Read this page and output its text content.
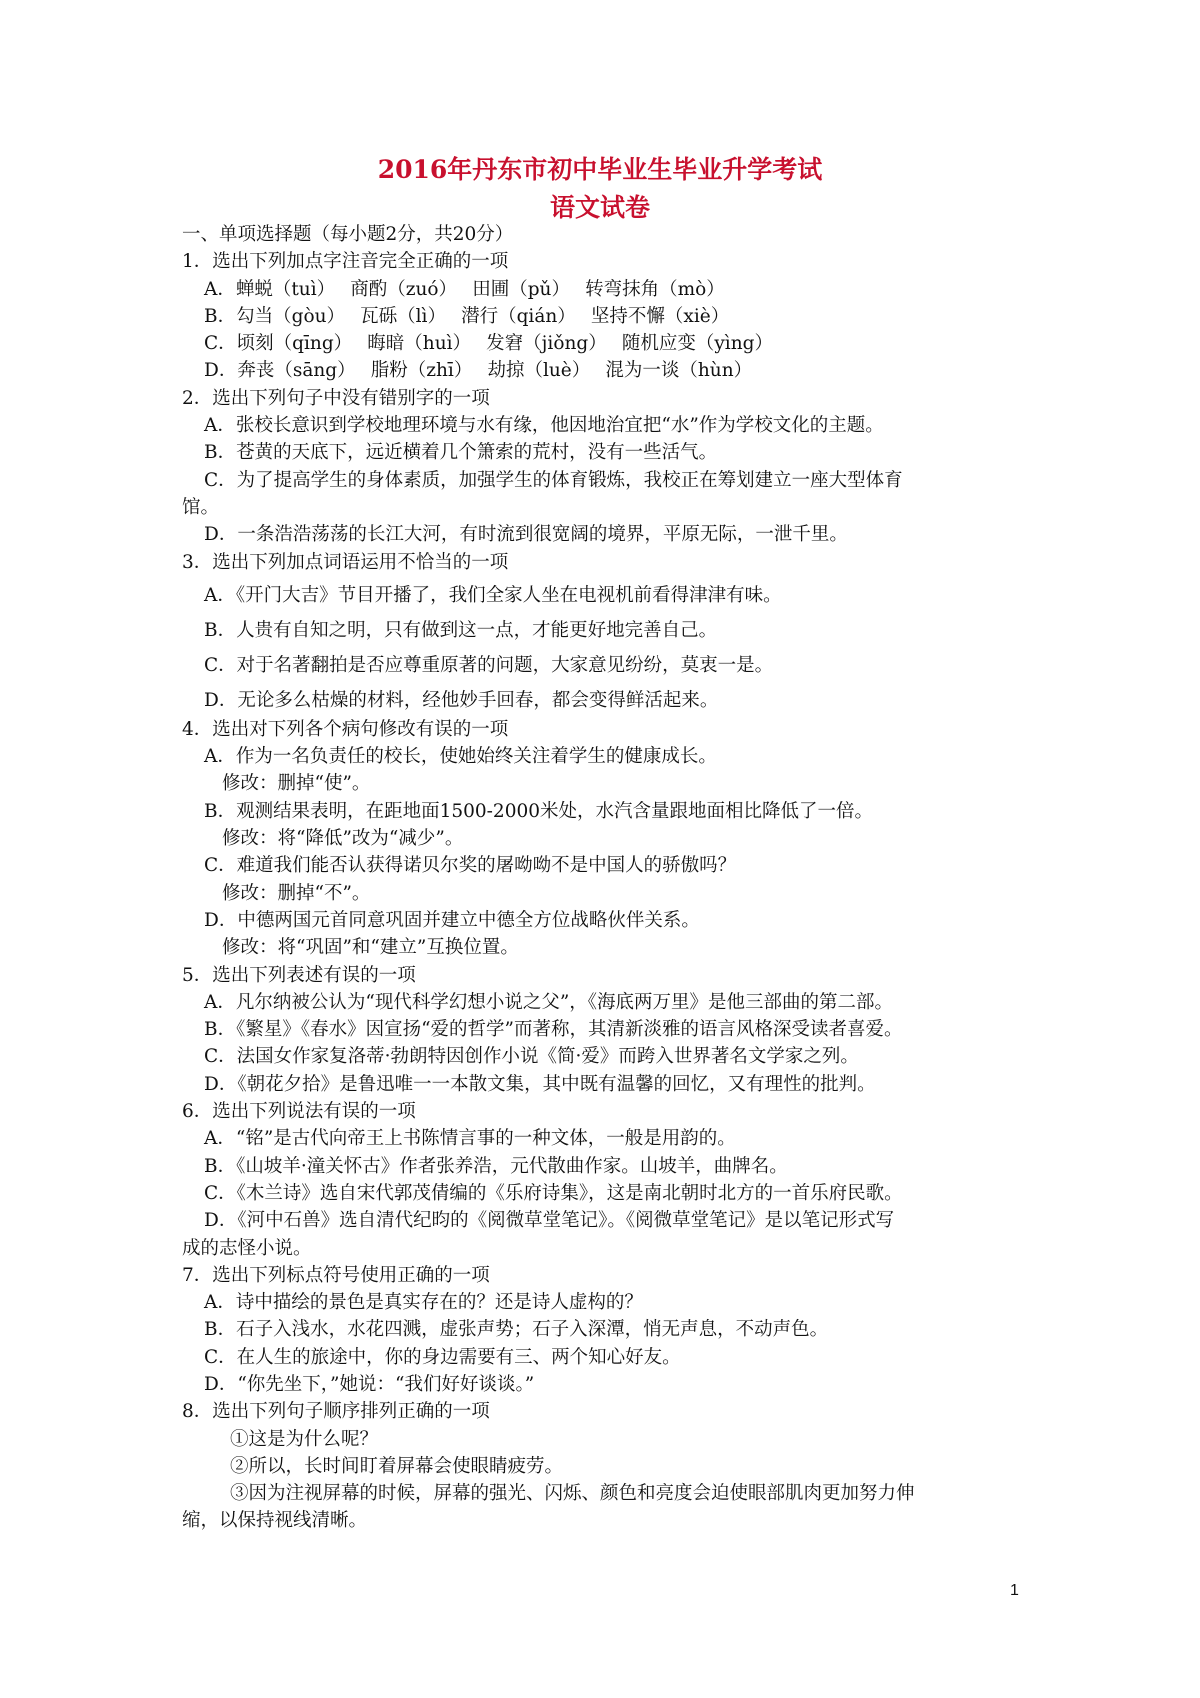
2016年丹东市初中毕业生毕业升学考试
语文试卷
一、单项选择题（每小题2分，共20分）
1．选出下列加点字注音完全正确的一项
A．蝉蜕（tuì）　 商酌（zuó）　 田圃（pǔ）　 转弯抹角（mò）
B．勾当（gòu）　 瓦砾（lì）　 潜行（qián）　 坚持不懈（xiè）
C．顷刻（qīng）　 晦暗（huì）　 发窘（jiǒng）　 随机应变（yìng）
D．奔丧（sāng）　 脂粉（zhī）　 劫掠（luè）　 混为一谈（hùn）
2．选出下列句子中没有错别字的一项
A．张校长意识到学校地理环境与水有缘，他因地治宜把“水”作为学校文化的主题。
B．苍黄的天底下，远近横着几个箫索的荒村，没有一些活气。
C．为了提高学生的身体素质，加强学生的体育锻炼，我校正在筹划建立一座大型体育
馆。
D．一条浩浩荡荡的长江大河，有时流到很宽阔的境界，平原无际，一泄千里。
3．选出下列加点词语运用不恰当的一项
A．《开门大吉》节目开播了，我们全家人坐在电视机前看得津津有味。
B．人贵有自知之明，只有做到这一点，才能更好地完善自己。
C．对于名著翻拍是否应尊重原著的问题，大家意见纷纷，莫衷一是。
D．无论多么枯燥的材料，经他妙手回春，都会变得鲜活起来。
4．选出对下列各个病句修改有误的一项
A．作为一名负责任的校长，使她始终关注着学生的健康成长。
修改：删掉“使”。
B．观测结果表明，在距地面1500-2000米处，水汽含量跟地面相比降低了一倍。
修改：将“降低”改为“减少”。
C．难道我们能否认获得诺贝尔奖的屠呦呦不是中国人的骄傲吗？
修改：删掉“不”。
D．中德两国元首同意巩固并建立中德全方位战略伙伴关系。
修改：将“巩固”和“建立”互换位置。
5．选出下列表述有误的一项
A．凡尔纳被公认为“现代科学幻想小说之父”，《海底两万里》是他三部曲的第二部。
B．《繁星》《春水》因宣扬“爱的哲学”而著称，其清新淡雅的语言风格深受读者喜爱。
C．法国女作家复洛蒂·勃朗特因创作小说《简·爱》而跨入世界著名文学家之列。
D．《朝花夕拾》是鲁迅唯一一本散文集，其中既有温馨的回忆，又有理性的批判。
6．选出下列说法有误的一项
A．“铭”是古代向帝王上书陈情言事的一种文体，一般是用韵的。
B．《山坡羊·潼关怀古》作者张养浩，元代散曲作家。山坡羊，曲牌名。
C．《木兰诗》选自宋代郭茂倩编的《乐府诗集》，这是南北朝时北方的一首乐府民歌。
D．《河中石兽》选自清代纪昀的《阅微草堂笔记》。《阅微草堂笔记》是以笔记形式写
成的志怪小说。
7．选出下列标点符号使用正确的一项
A．诗中描绘的景色是真实存在的？还是诗人虚构的？
B．石子入浅水，水花四溅，虚张声势；石子入深潭，悄无声息，不动声色。
C．在人生的旅途中，你的身边需要有三、两个知心好友。
D．“你先坐下，”她说：“我们好好谈谈。”
8．选出下列句子顺序排列正确的一项
①这是为什么呢？
②所以，长时间盯着屏幕会使眼睛疲劳。
③因为注视屏幕的时候，屏幕的强光、闪烁、颜色和亮度会迫使眼部肌肉更加努力伸
缩，以保持视线清晰。
1
